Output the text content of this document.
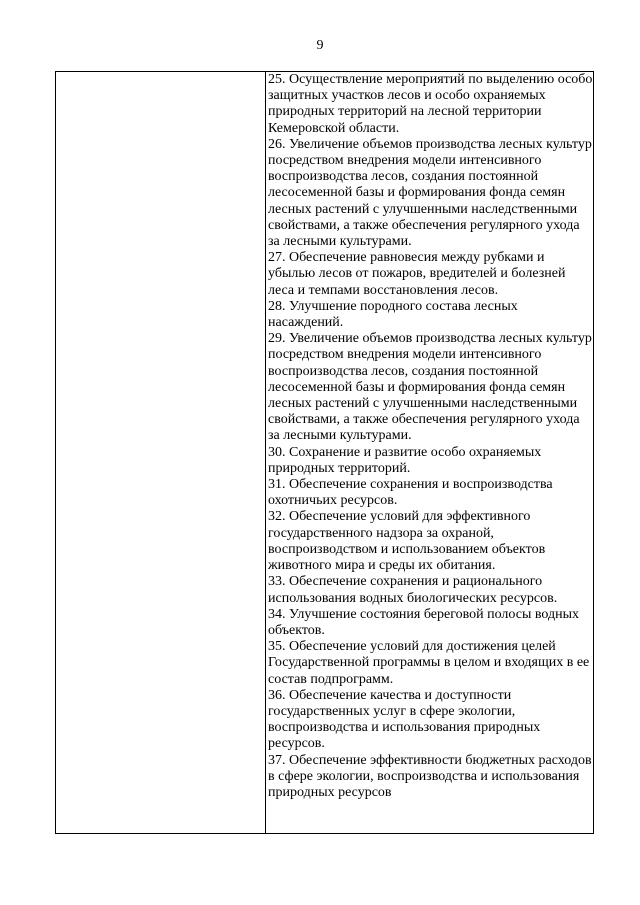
9

25. Осуществление мероприятий по выделению особо защитных участков лесов и особо охраняемых природных территорий на лесной территории Кемеровской области.

26. Увеличение объемов производства лесных культур посредством внедрения модели интенсивного воспроизводства лесов, создания постоянной лесосеменной базы и формирования фонда семян лесных растений с улучшенными наследственными свойствами, а также обеспечения регулярного ухода за лесными культурами.

27. Обеспечение равновесия между рубками и убылью лесов от пожаров, вредителей и болезней леса и темпами восстановления лесов.

28. Улучшение породного состава лесных насаждений.

29. Увеличение объемов производства лесных культур посредством внедрения модели интенсивного воспроизводства лесов, создания постоянной лесосеменной базы и формирования фонда семян лесных растений с улучшенными наследственными свойствами, а также обеспечения регулярного ухода за лесными культурами.

30. Сохранение и развитие особо охраняемых природных территорий.

31. Обеспечение сохранения и воспроизводства охотничьих ресурсов.

32. Обеспечение условий для эффективного государственного надзора за охраной, воспроизводством и использованием объектов животного мира и среды их обитания.

33. Обеспечение сохранения и рационального использования водных биологических ресурсов.

34. Улучшение состояния береговой полосы водных объектов.

35. Обеспечение условий для достижения целей Государственной программы в целом и входящих в ее состав подпрограмм.

36. Обеспечение качества и доступности государственных услуг в сфере экологии, воспроизводства и использования природных ресурсов.

37. Обеспечение эффективности бюджетных расходов в сфере экологии, воспроизводства и использования природных ресурсов
